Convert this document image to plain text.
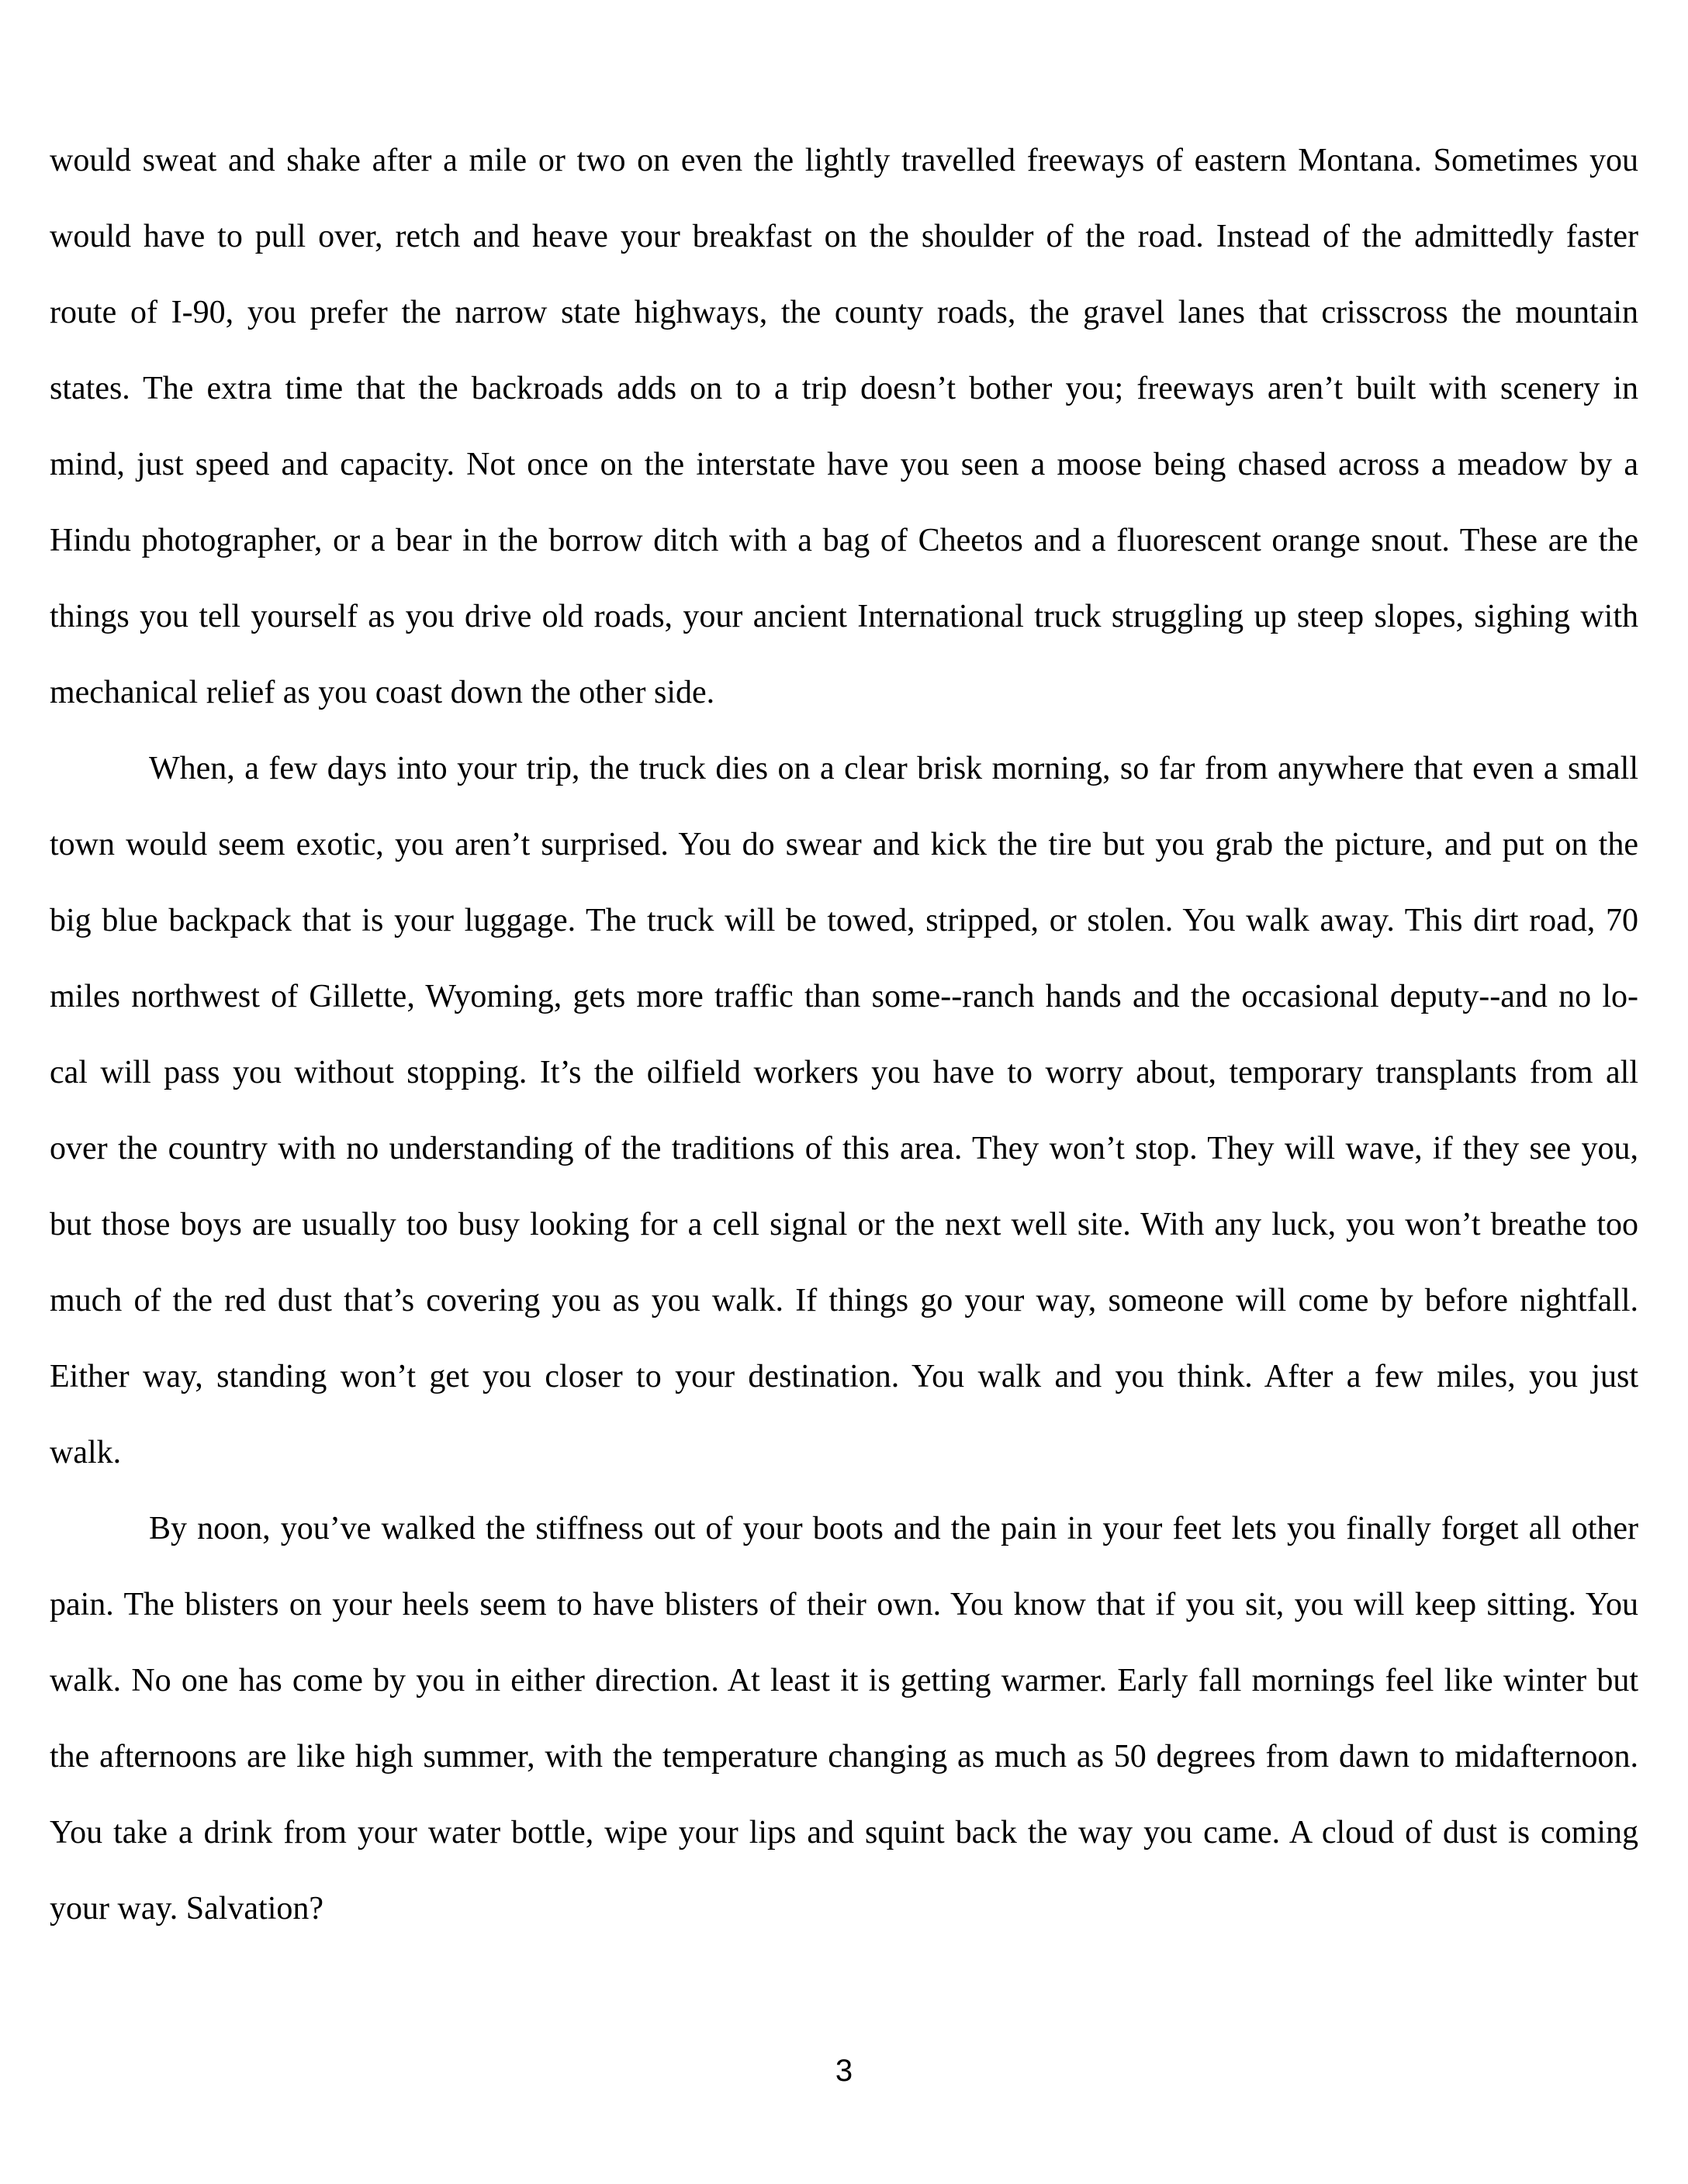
would sweat and shake after a mile or two on even the lightly travelled freeways of eastern Montana. Sometimes you

would have to pull over, retch and heave your breakfast on the shoulder of the road. Instead of the admittedly faster

route of I-90, you prefer the narrow state highways, the county roads, the gravel lanes that crisscross the mountain

states. The extra time that the backroads adds on to a trip doesn’t bother you; freeways aren’t built with scenery in

mind, just speed and capacity. Not once on the interstate have you seen a moose being chased across a meadow by a

Hindu photographer, or a bear in the borrow ditch with a bag of Cheetos and a fluorescent orange snout. These are the

things you tell yourself as you drive old roads, your ancient International truck struggling up steep slopes, sighing with

mechanical relief as you coast down the other side.

When, a few days into your trip, the truck dies on a clear brisk morning, so far from anywhere that even a small

town would seem exotic, you aren’t surprised. You do swear and kick the tire but you grab the picture, and put on the

big blue backpack that is your luggage. The truck will be towed, stripped, or stolen. You walk away. This dirt road, 70

miles northwest of Gillette, Wyoming, gets more traffic than some--ranch hands and the occasional deputy--and no lo-

cal will pass you without stopping. It’s the oilfield workers you have to worry about, temporary transplants from all

over the country with no understanding of the traditions of this area. They won’t stop. They will wave, if they see you,

but those boys are usually too busy looking for a cell signal or the next well site. With any luck, you won’t breathe too

much of the red dust that’s covering you as you walk. If things go your way, someone will come by before nightfall.

Either way, standing won’t get you closer to your destination. You walk and you think. After a few miles, you just

walk.

By noon, you’ve walked the stiffness out of your boots and the pain in your feet lets you finally forget all other

pain. The blisters on your heels seem to have blisters of their own. You know that if you sit, you will keep sitting. You

walk. No one has come by you in either direction. At least it is getting warmer. Early fall mornings feel like winter but

the afternoons are like high summer, with the temperature changing as much as 50 degrees from dawn to midafternoon.

You take a drink from your water bottle, wipe your lips and squint back the way you came. A cloud of dust is coming

your way. Salvation?

3
